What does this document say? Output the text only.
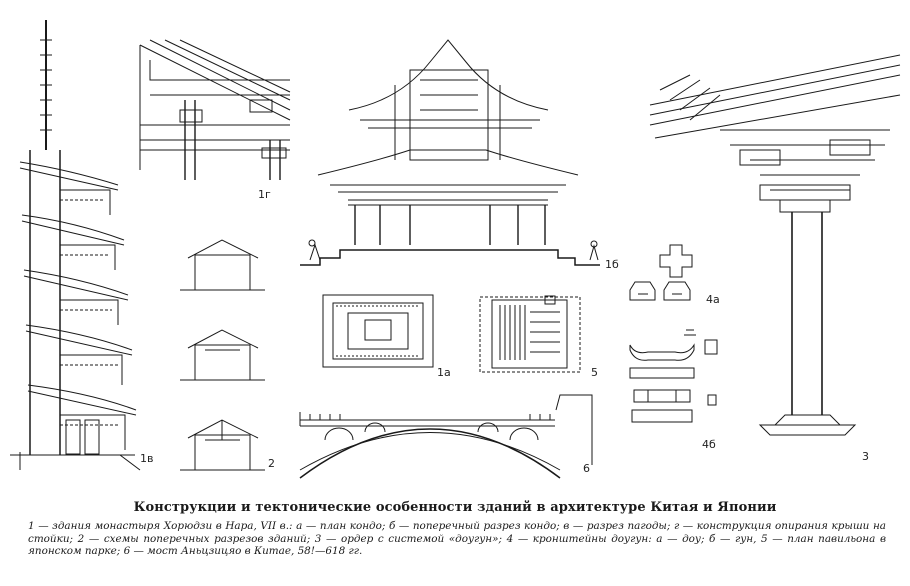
1в
1г
1б
1а
2
3
4а
4б
5
6
Конструкции и тектонические особенности зданий в архитектуре Китая и Японии
1 — здания монастыря Хорюдзи в Нара, VII в.: а — план кондо; б — поперечный разрез кондо; в — разрез пагоды; г — конструкция опирания крыши на стойки; 2 — схемы поперечных разрезов зданий; 3 — ордер с системой «доугун»; 4 — кронштейны доугун: а — доу; б — гун, 5 — план павильона в японском парке; 6 — мост Аньцзицяо в Китае, 58!—618 гг.
